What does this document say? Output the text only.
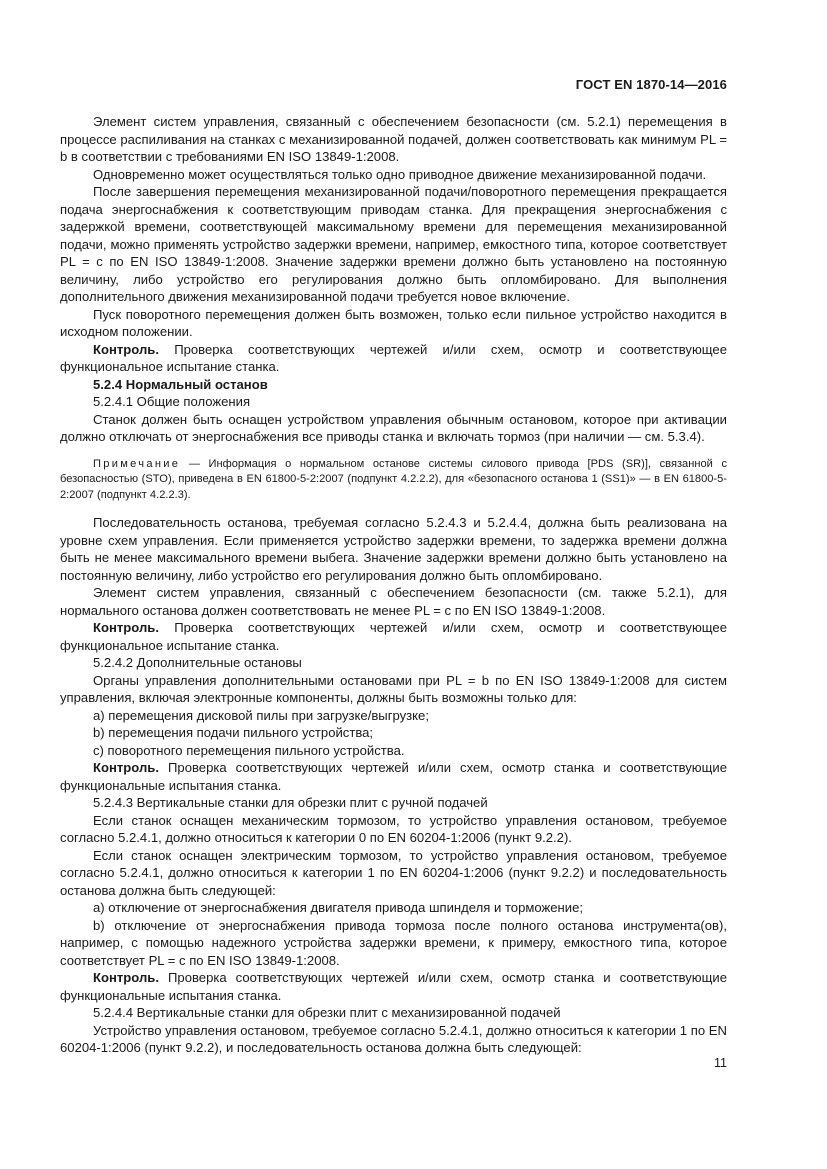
ГОСТ EN 1870-14—2016

Элемент систем управления, связанный с обеспечением безопасности (см. 5.2.1) перемещения в процессе распиливания на станках с механизированной подачей, должен соответствовать как минимум PL = b в соответствии с требованиями EN ISO 13849-1:2008.

Одновременно может осуществляться только одно приводное движение механизированной подачи.

После завершения перемещения механизированной подачи/поворотного перемещения прекращается подача энергоснабжения к соответствующим приводам станка. Для прекращения энергоснабжения с задержкой времени, соответствующей максимальному времени для перемещения механизированной подачи, можно применять устройство задержки времени, например, емкостного типа, которое соответствует PL = c по EN ISO 13849-1:2008. Значение задержки времени должно быть установлено на постоянную величину, либо устройство его регулирования должно быть опломбировано. Для выполнения дополнительного движения механизированной подачи требуется новое включение.

Пуск поворотного перемещения должен быть возможен, только если пильное устройство находится в исходном положении.

Контроль. Проверка соответствующих чертежей и/или схем, осмотр и соответствующее функциональное испытание станка.

5.2.4 Нормальный останов

5.2.4.1 Общие положения

Станок должен быть оснащен устройством управления обычным остановом, которое при активации должно отключать от энергоснабжения все приводы станка и включать тормоз (при наличии — см. 5.3.4).

Примечание — Информация о нормальном останове системы силового привода [PDS (SR)], связанной с безопасностью (STO), приведена в EN 61800-5-2:2007 (подпункт 4.2.2.2), для «безопасного останова 1 (SS1)» — в EN 61800-5-2:2007 (подпункт 4.2.2.3).

Последовательность останова, требуемая согласно 5.2.4.3 и 5.2.4.4, должна быть реализована на уровне схем управления. Если применяется устройство задержки времени, то задержка времени должна быть не менее максимального времени выбега. Значение задержки времени должно быть установлено на постоянную величину, либо устройство его регулирования должно быть опломбировано.

Элемент систем управления, связанный с обеспечением безопасности (см. также 5.2.1), для нормального останова должен соответствовать не менее PL = c по EN ISO 13849-1:2008.

Контроль. Проверка соответствующих чертежей и/или схем, осмотр и соответствующее функциональное испытание станка.

5.2.4.2 Дополнительные остановы

Органы управления дополнительными остановами при PL = b по EN ISO 13849-1:2008 для систем управления, включая электронные компоненты, должны быть возможны только для:

a) перемещения дисковой пилы при загрузке/выгрузке;

b) перемещения подачи пильного устройства;

c) поворотного перемещения пильного устройства.

Контроль. Проверка соответствующих чертежей и/или схем, осмотр станка и соответствующие функциональные испытания станка.

5.2.4.3 Вертикальные станки для обрезки плит с ручной подачей

Если станок оснащен механическим тормозом, то устройство управления остановом, требуемое согласно 5.2.4.1, должно относиться к категории 0 по EN 60204-1:2006 (пункт 9.2.2).

Если станок оснащен электрическим тормозом, то устройство управления остановом, требуемое согласно 5.2.4.1, должно относиться к категории 1 по EN 60204-1:2006 (пункт 9.2.2) и последовательность останова должна быть следующей:

a) отключение от энергоснабжения двигателя привода шпинделя и торможение;

b) отключение от энергоснабжения привода тормоза после полного останова инструмента(ов), например, с помощью надежного устройства задержки времени, к примеру, емкостного типа, которое соответствует PL = c по EN ISO 13849-1:2008.

Контроль. Проверка соответствующих чертежей и/или схем, осмотр станка и соответствующие функциональные испытания станка.

5.2.4.4 Вертикальные станки для обрезки плит с механизированной подачей

Устройство управления остановом, требуемое согласно 5.2.4.1, должно относиться к категории 1 по EN 60204-1:2006 (пункт 9.2.2), и последовательность останова должна быть следующей:

11
